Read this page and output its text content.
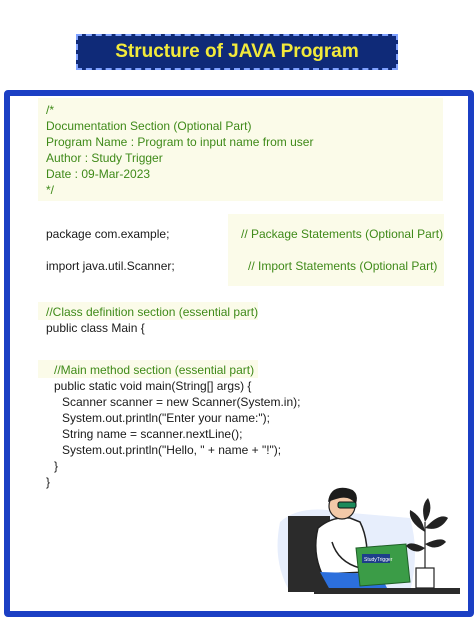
Structure of JAVA Program
/*
Documentation Section (Optional Part)
Program Name : Program to input name from user
Author : Study Trigger
Date : 09-Mar-2023
*/
package com.example;	// Package Statements (Optional Part)
import java.util.Scanner;	// Import Statements (Optional Part)
//Class definition section (essential part)
public class Main {
//Main method section (essential part)
public static void main(String[] args) {
Scanner scanner = new Scanner(System.in);
System.out.println("Enter your name:");
String name = scanner.nextLine();
System.out.println("Hello, " + name + "!");
}
}
StudyTrigger
